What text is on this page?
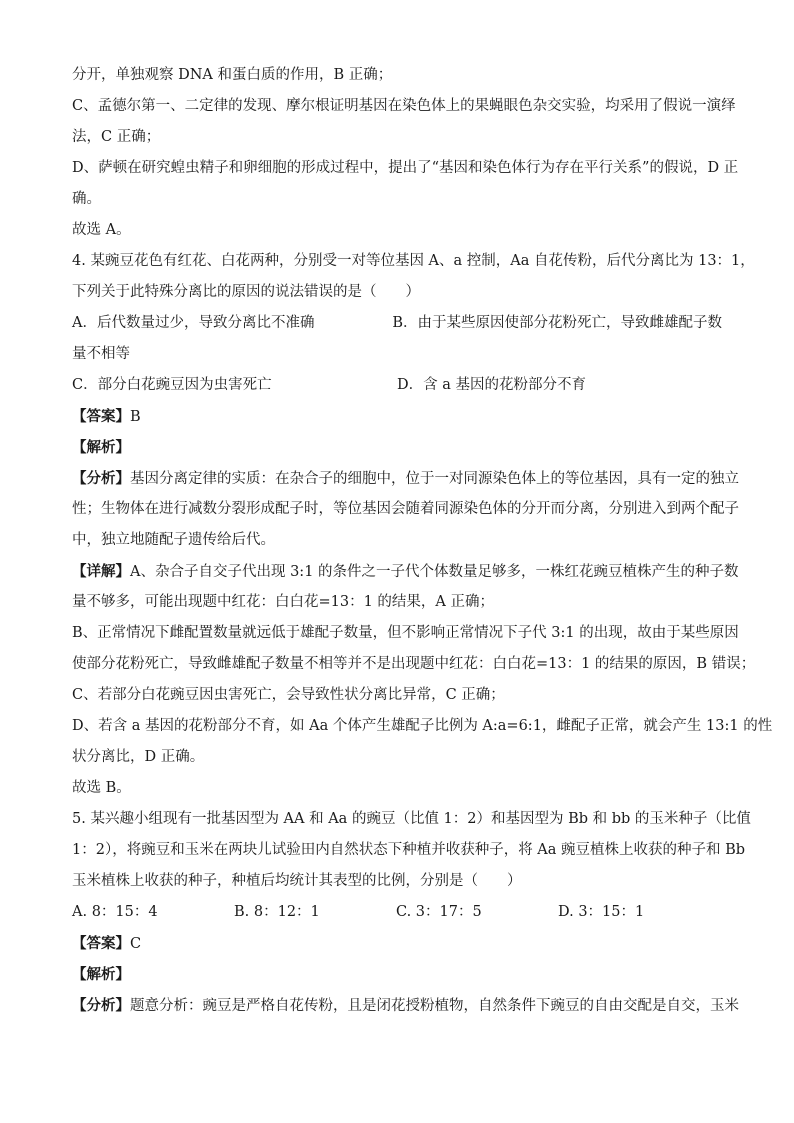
分开，单独观察 DNA 和蛋白质的作用，B 正确；
C、孟德尔第一、二定律的发现、摩尔根证明基因在染色体上的果蝇眼色杂交实验，均采用了假说一演绎
法，C 正确；
D、萨顿在研究蝗虫精子和卵细胞的形成过程中，提出了“基因和染色体行为存在平行关系”的假说，D 正
确。
故选 A。
4. 某豌豆花色有红花、白花两种，分别受一对等位基因 A、a 控制，Aa 自花传粉，后代分离比为 13：1，
下列关于此特殊分离比的原因的说法错误的是（　　）
A．后代数量过少，导致分离比不准确	B．由于某些原因使部分花粉死亡，导致雌雄配子数
量不相等
C．部分白花豌豆因为虫害死亡	D．含 a 基因的花粉部分不育
【答案】B
【解析】
【分析】基因分离定律的实质：在杂合子的细胞中，位于一对同源染色体上的等位基因，具有一定的独立
性；生物体在进行减数分裂形成配子时，等位基因会随着同源染色体的分开而分离，分别进入到两个配子
中，独立地随配子遗传给后代。
【详解】A、杂合子自交子代出现 3:1 的条件之一子代个体数量足够多，一株红花豌豆植株产生的种子数
量不够多，可能出现题中红花：白白花=13：1 的结果，A 正确；
B、正常情况下雌配置数量就远低于雄配子数量，但不影响正常情况下子代 3:1 的出现，故由于某些原因
使部分花粉死亡，导致雌雄配子数量不相等并不是出现题中红花：白白花=13：1 的结果的原因，B 错误；
C、若部分白花豌豆因虫害死亡，会导致性状分离比异常，C 正确；
D、若含 a 基因的花粉部分不育，如 Aa 个体产生雄配子比例为 A:a=6:1，雌配子正常，就会产生 13:1 的性
状分离比，D 正确。
故选 B。
5. 某兴趣小组现有一批基因型为 AA 和 Aa 的豌豆（比值 1：2）和基因型为 Bb 和 bb 的玉米种子（比值
1：2），将豌豆和玉米在两块儿试验田内自然状态下种植并收获种子，将 Aa 豌豆植株上收获的种子和 Bb
玉米植株上收获的种子，种植后均统计其表型的比例，分别是（　　）
A. 8：15：4	B. 8：12：1	C. 3：17：5	D. 3：15：1
【答案】C
【解析】
【分析】题意分析：豌豆是严格自花传粉，且是闭花授粉植物，自然条件下豌豆的自由交配是自交，玉米
